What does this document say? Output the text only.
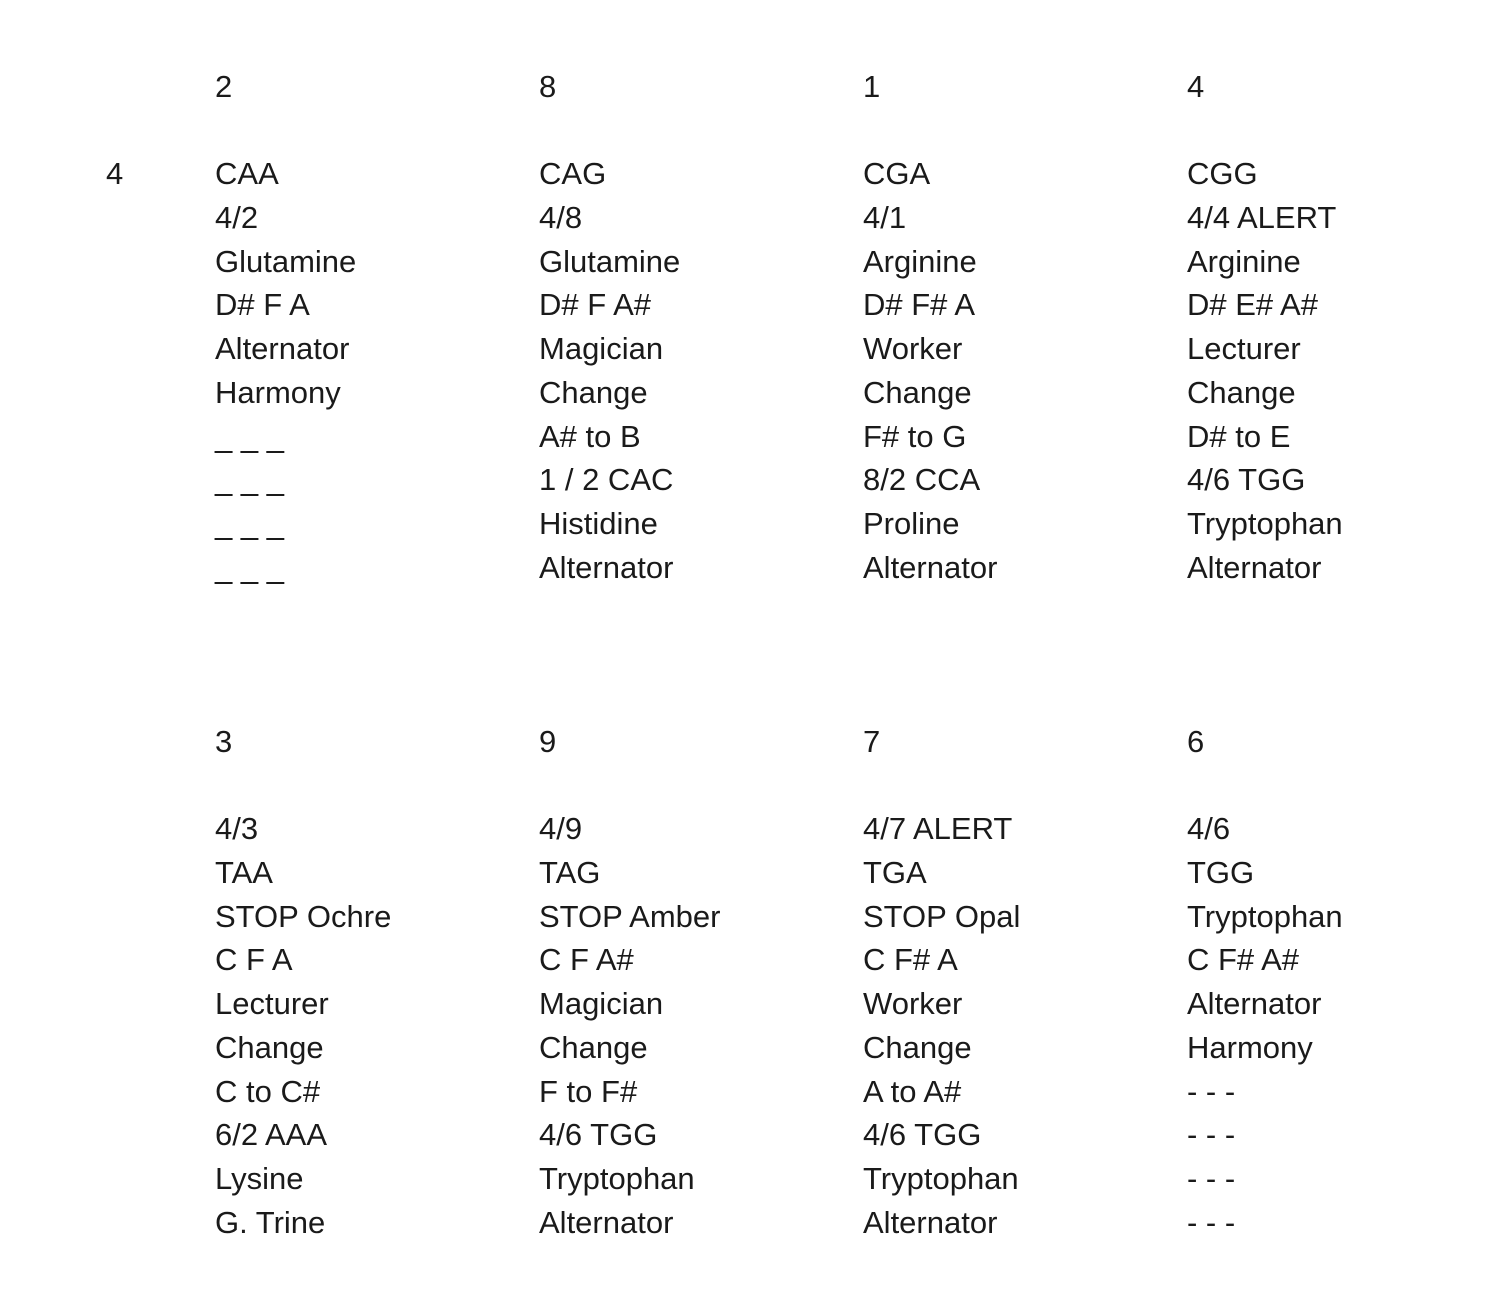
4
2
CAA
4/2
Glutamine
D# F A
Alternator
Harmony
_ _ _
_ _ _
_ _ _
_ _ _
8
CAG
4/8
Glutamine
D# F A#
Magician
Change
A# to B
1 / 2 CAC
Histidine
Alternator
1
CGA
4/1
Arginine
D# F# A
Worker
Change
F# to G
8/2 CCA
Proline
Alternator
4
CGG
4/4 ALERT
Arginine
D# E# A#
Lecturer
Change
D# to E
4/6 TGG
Tryptophan
Alternator
3
4/3
TAA
STOP Ochre
C F A
Lecturer
Change
C to C#
6/2 AAA
Lysine
G. Trine
9
4/9
TAG
STOP Amber
C F A#
Magician
Change
F to F#
4/6 TGG
Tryptophan
Alternator
7
4/7 ALERT
TGA
STOP Opal
C F# A
Worker
Change
A to A#
4/6 TGG
Tryptophan
Alternator
6
4/6
TGG
Tryptophan
C F# A#
Alternator
Harmony
- - -
- - -
- - -
- - -
